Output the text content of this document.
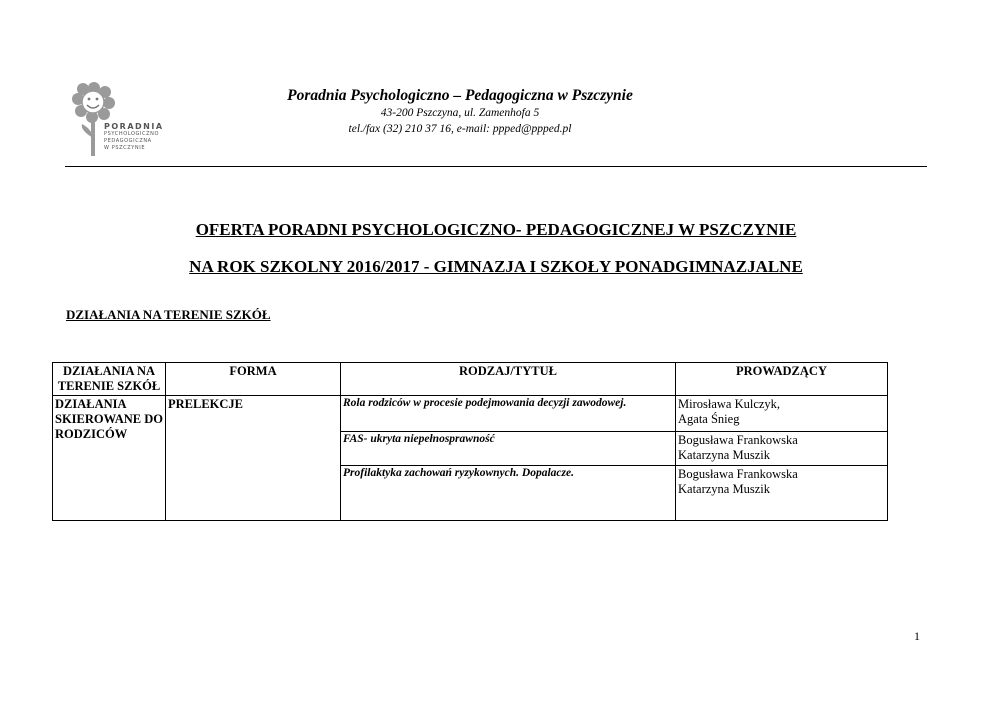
PORADNIA
PSYCHOLOGICZNO
PEDAGOGICZNA
W PSZCZYNIE
Poradnia Psychologiczno – Pedagogiczna w Pszczynie
43-200 Pszczyna, ul. Zamenhofa 5
tel./fax (32) 210 37 16, e-mail: ppped@ppped.pl
OFERTA PORADNI PSYCHOLOGICZNO- PEDAGOGICZNEJ W PSZCZYNIE
NA ROK SZKOLNY 2016/2017 - GIMNAZJA I SZKOŁY PONADGIMNAZJALNE
DZIAŁANIA NA TERENIE SZKÓŁ
DZIAŁANIA NA TERENIE SZKÓŁ	FORMA	RODZAJ/TYTUŁ	PROWADZĄCY
DZIAŁANIA SKIEROWANE DO RODZICÓW	PRELEKCJE	Rola rodziców w procesie podejmowania decyzji zawodowej.	Mirosława Kulczyk,
Agata Śnieg

		FAS- ukryta niepełnosprawność	Bogusława Frankowska
Katarzyna Muszik

		Profilaktyka zachowań ryzykownych. Dopalacze.	Bogusława Frankowska
Katarzyna Muszik
1
